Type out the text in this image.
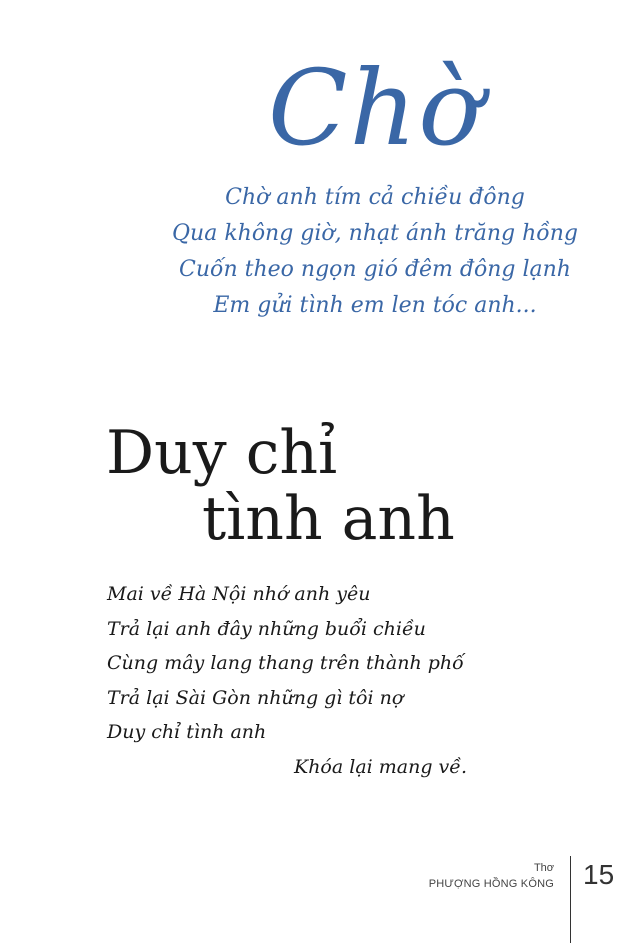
Chờ
Chờ anh tím cả chiều đông
Qua không giờ, nhạt ánh trăng hồng
Cuốn theo ngọn gió đêm đông lạnh
Em gửi tình em len tóc anh...
Duy chỉ
tình anh
Mai về Hà Nội nhớ anh yêu
Trả lại anh đây những buổi chiều
Cùng mây lang thang trên thành phố
Trả lại Sài Gòn những gì tôi nợ
Duy chỉ tình anh
Khóa lại mang về.
Thơ
PHƯỢNG HỒNG KÔNG 15
